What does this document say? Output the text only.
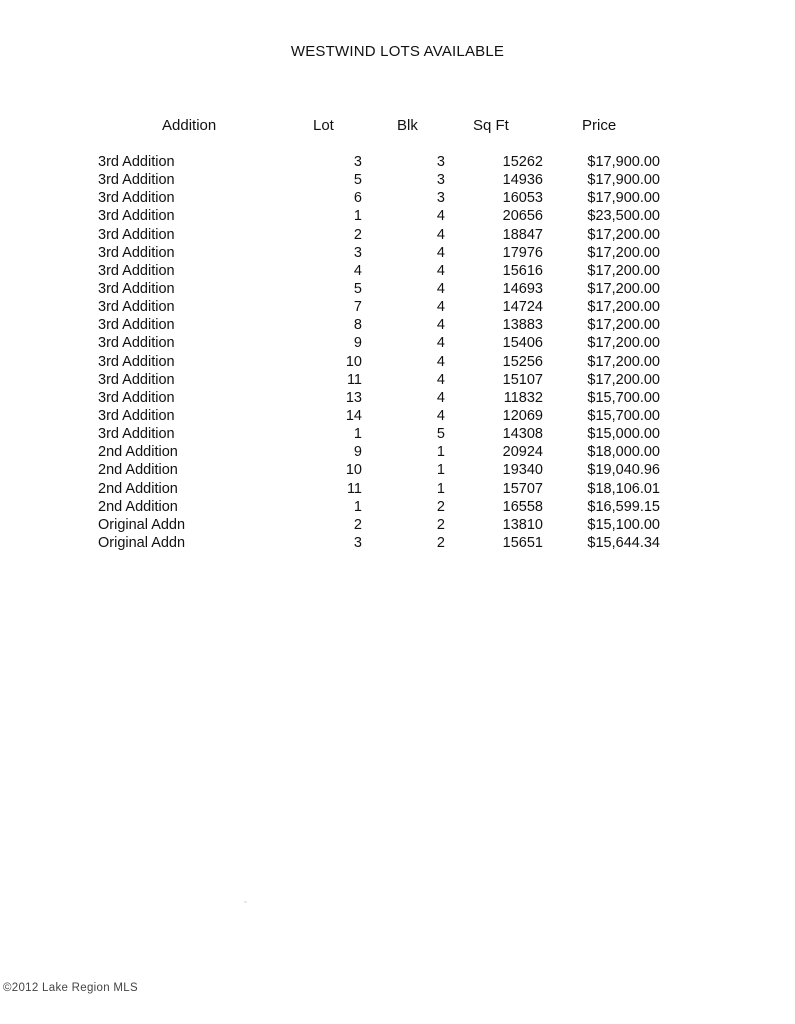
WESTWIND LOTS AVAILABLE
Addition	Lot	Blk	Sq Ft	Price
3rd Addition	3	3	15262	$17,900.00
3rd Addition	5	3	14936	$17,900.00
3rd Addition	6	3	16053	$17,900.00
3rd Addition	1	4	20656	$23,500.00
3rd Addition	2	4	18847	$17,200.00
3rd Addition	3	4	17976	$17,200.00
3rd Addition	4	4	15616	$17,200.00
3rd Addition	5	4	14693	$17,200.00
3rd Addition	7	4	14724	$17,200.00
3rd Addition	8	4	13883	$17,200.00
3rd Addition	9	4	15406	$17,200.00
3rd Addition	10	4	15256	$17,200.00
3rd Addition	11	4	15107	$17,200.00
3rd Addition	13	4	11832	$15,700.00
3rd Addition	14	4	12069	$15,700.00
3rd Addition	1	5	14308	$15,000.00
2nd Addition	9	1	20924	$18,000.00
2nd Addition	10	1	19340	$19,040.96
2nd Addition	11	1	15707	$18,106.01
2nd Addition	1	2	16558	$16,599.15
Original Addn	2	2	13810	$15,100.00
Original Addn	3	2	15651	$15,644.34
©2012 Lake Region MLS
